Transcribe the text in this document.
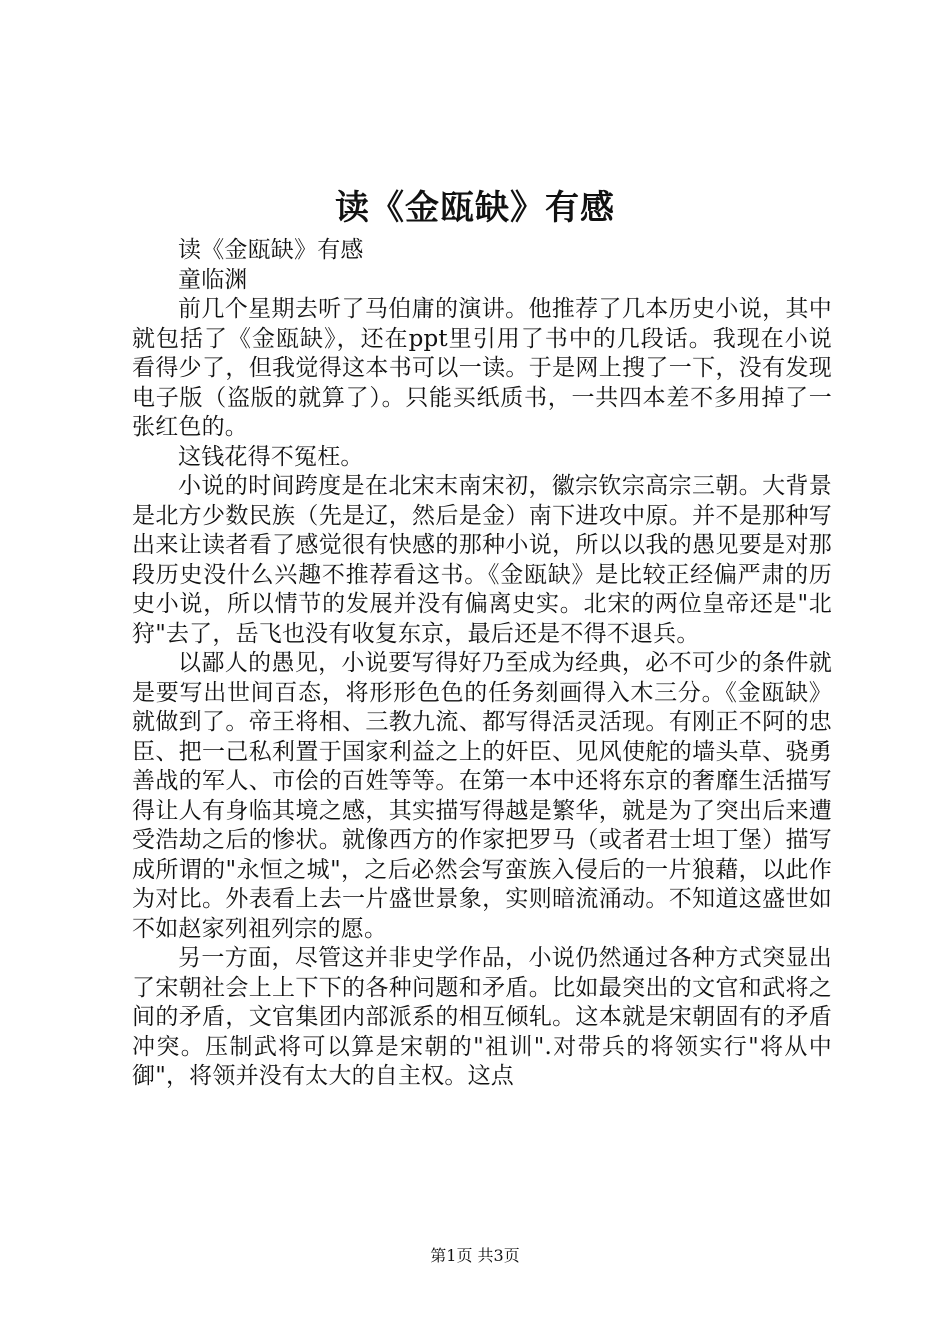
读《金瓯缺》有感

读《金瓯缺》有感

童临渊

前几个星期去听了马伯庸的演讲。他推荐了几本历史小说，其中就包括了《金瓯缺》，还在ppt里引用了书中的几段话。我现在小说看得少了，但我觉得这本书可以一读。于是网上搜了一下，没有发现电子版（盗版的就算了）。只能买纸质书，一共四本差不多用掉了一张红色的。

这钱花得不冤枉。

小说的时间跨度是在北宋末南宋初，徽宗钦宗高宗三朝。大背景是北方少数民族（先是辽，然后是金）南下进攻中原。并不是那种写出来让读者看了感觉很有快感的那种小说，所以以我的愚见要是对那段历史没什么兴趣不推荐看这书。《金瓯缺》是比较正经偏严肃的历史小说，所以情节的发展并没有偏离史实。北宋的两位皇帝还是"北狩"去了，岳飞也没有收复东京，最后还是不得不退兵。

以鄙人的愚见，小说要写得好乃至成为经典，必不可少的条件就是要写出世间百态，将形形色色的任务刻画得入木三分。《金瓯缺》就做到了。帝王将相、三教九流、都写得活灵活现。有刚正不阿的忠臣、把一己私利置于国家利益之上的奸臣、见风使舵的墙头草、骁勇善战的军人、市侩的百姓等等。在第一本中还将东京的奢靡生活描写得让人有身临其境之感，其实描写得越是繁华，就是为了突出后来遭受浩劫之后的惨状。就像西方的作家把罗马（或者君士坦丁堡）描写成所谓的"永恒之城"，之后必然会写蛮族入侵后的一片狼藉，以此作为对比。外表看上去一片盛世景象，实则暗流涌动。不知道这盛世如不如赵家列祖列宗的愿。

另一方面，尽管这并非史学作品，小说仍然通过各种方式突显出了宋朝社会上上下下的各种问题和矛盾。比如最突出的文官和武将之间的矛盾，文官集团内部派系的相互倾轧。这本就是宋朝固有的矛盾冲突。压制武将可以算是宋朝的"祖训".对带兵的将领实行"将从中御"，将领并没有太大的自主权。这点

第1页 共3页
